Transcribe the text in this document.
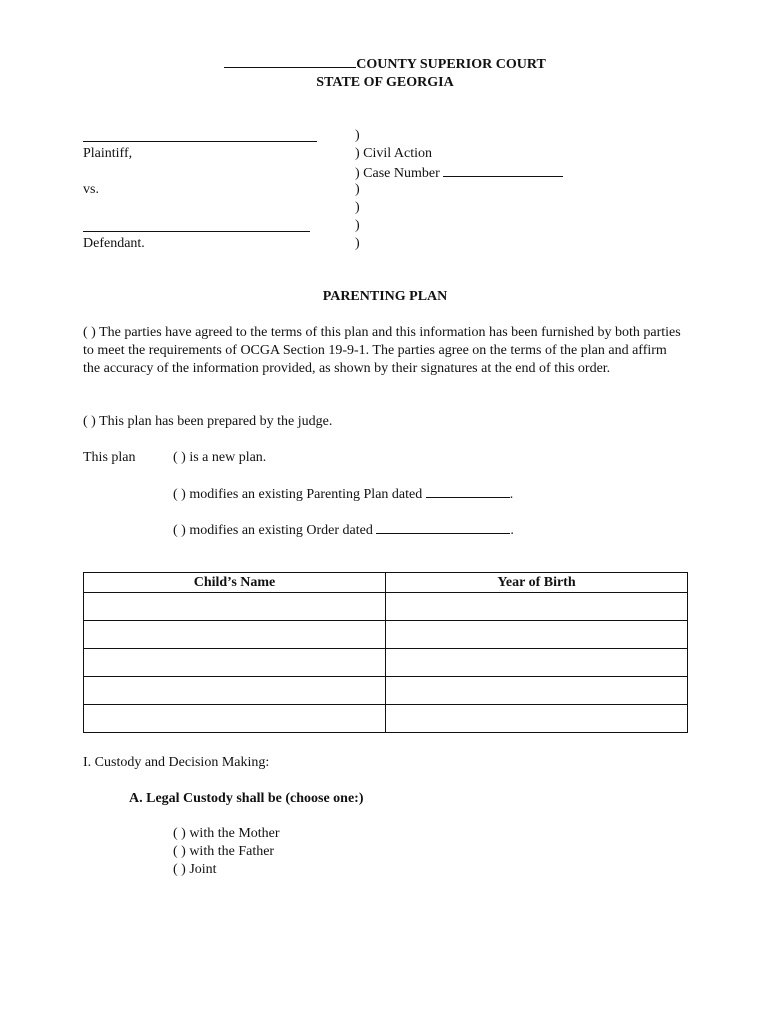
COUNTY SUPERIOR COURT
STATE OF GEORGIA
Plaintiff,
vs.
Defendant.
)
) Civil Action
) Case Number
)
)
)
)
PARENTING PLAN
( ) The parties have agreed to the terms of this plan and this information has been furnished by both parties to meet the requirements of OCGA Section 19-9-1. The parties agree on the terms of the plan and affirm the accuracy of the information provided, as shown by their signatures at the end of this order.
( ) This plan has been prepared by the judge.
This plan	( ) is a new plan.
( ) modifies an existing Parenting Plan dated	.
( ) modifies an existing Order dated	.
Child’s Name	Year of Birth

I. Custody and Decision Making:
A. Legal Custody shall be (choose one:)
( ) with the Mother
( ) with the Father
( ) Joint
